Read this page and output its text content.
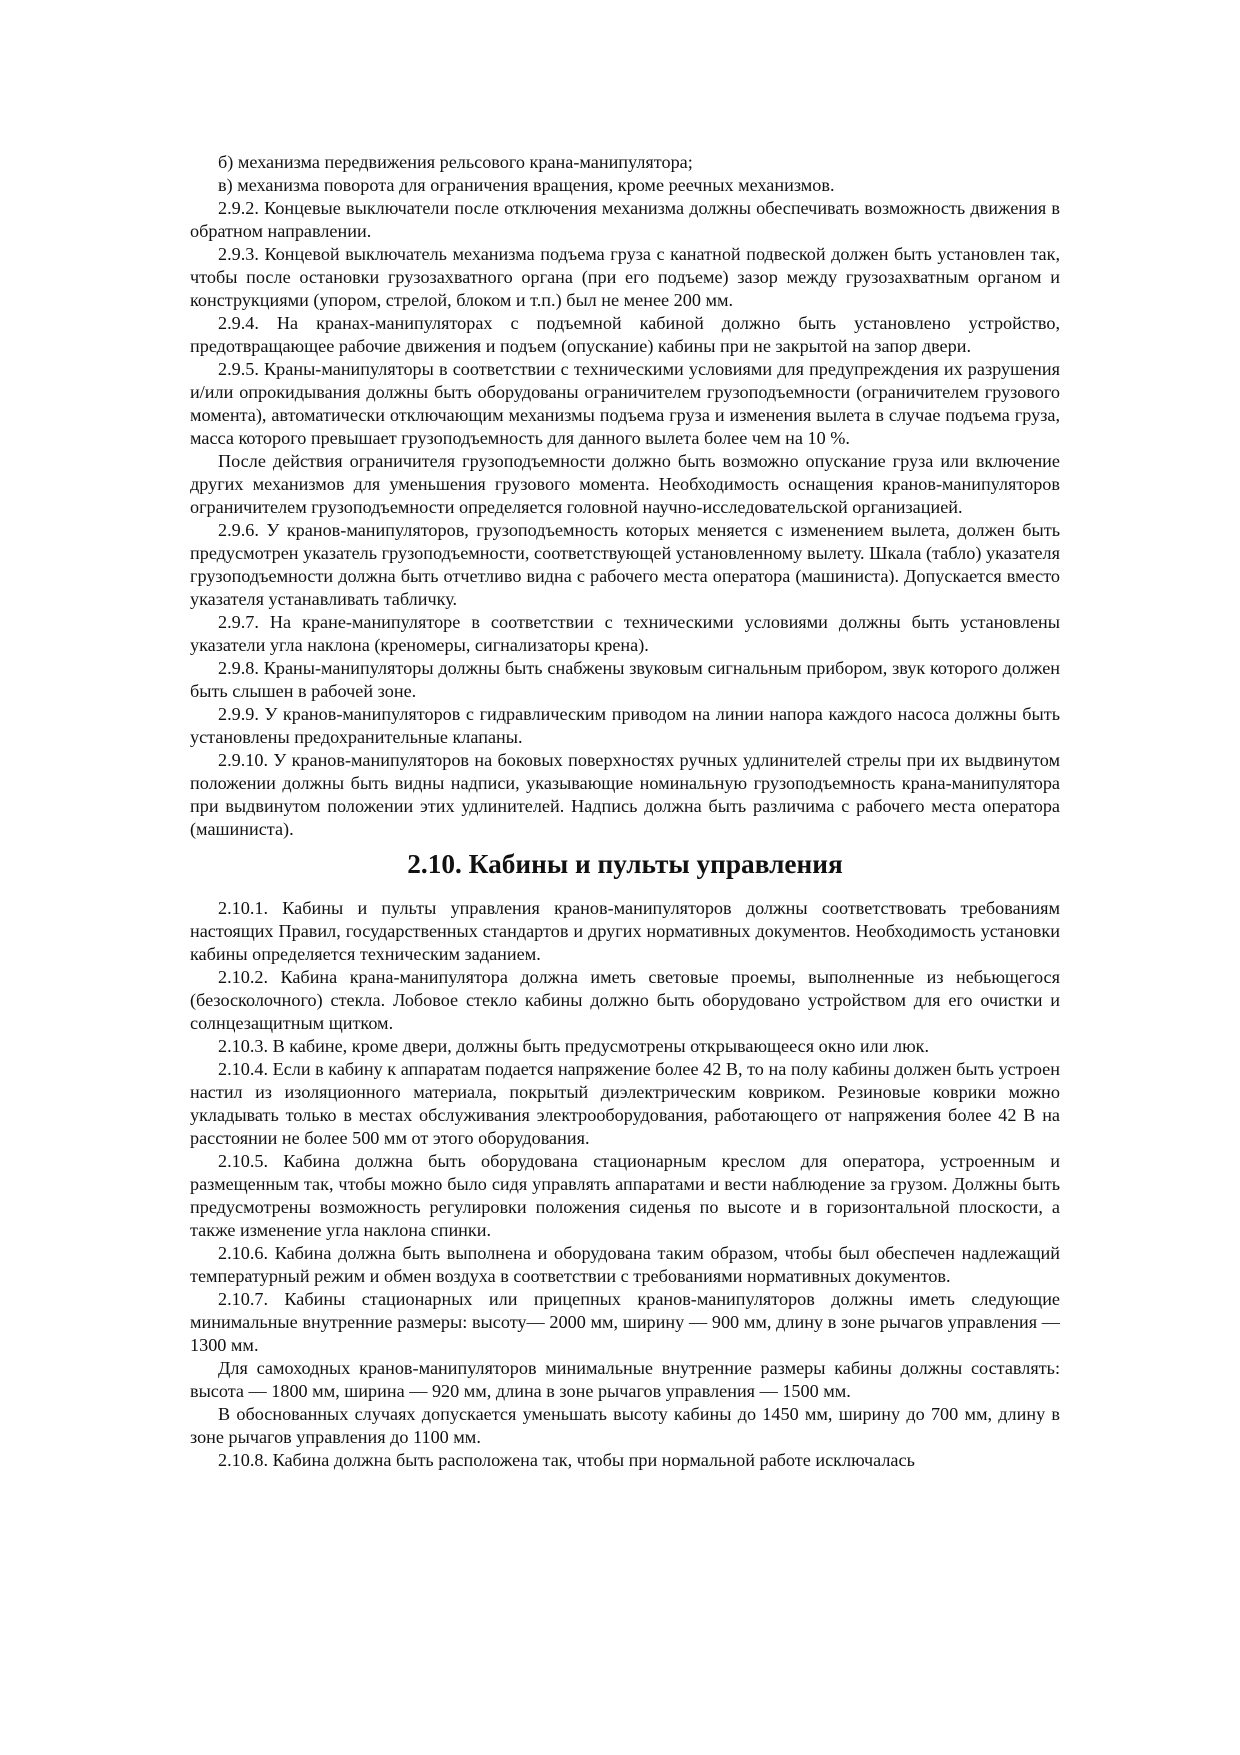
б) механизма передвижения рельсового крана-манипулятора;

в) механизма поворота для ограничения вращения, кроме реечных механизмов.

2.9.2. Концевые выключатели после отключения механизма должны обеспечивать возможность движения в обратном направлении.

2.9.3. Концевой выключатель механизма подъема груза с канатной подвеской должен быть установлен так, чтобы после остановки грузозахватного органа (при его подъеме) зазор между грузозахватным органом и конструкциями (упором, стрелой, блоком и т.п.) был не менее 200 мм.

2.9.4. На кранах-манипуляторах с подъемной кабиной должно быть установлено устройство, предотвращающее рабочие движения и подъем (опускание) кабины при не закрытой на запор двери.

2.9.5. Краны-манипуляторы в соответствии с техническими условиями для предупреждения их разрушения и/или опрокидывания должны быть оборудованы ограничителем грузоподъемности (ограничителем грузового момента), автоматически отключающим механизмы подъема груза и изменения вылета в случае подъема груза, масса которого превышает грузоподъемность для данного вылета более чем на 10 %.

После действия ограничителя грузоподъемности должно быть возможно опускание груза или включение других механизмов для уменьшения грузового момента. Необходимость оснащения кранов-манипуляторов ограничителем грузоподъемности определяется головной научно-исследовательской организацией.

2.9.6. У кранов-манипуляторов, грузоподъемность которых меняется с изменением вылета, должен быть предусмотрен указатель грузоподъемности, соответствующей установленному вылету. Шкала (табло) указателя грузоподъемности должна быть отчетливо видна с рабочего места оператора (машиниста). Допускается вместо указателя устанавливать табличку.

2.9.7. На кране-манипуляторе в соответствии с техническими условиями должны быть установлены указатели угла наклона (креномеры, сигнализаторы крена).

2.9.8. Краны-манипуляторы должны быть снабжены звуковым сигнальным прибором, звук которого должен быть слышен в рабочей зоне.

2.9.9. У кранов-манипуляторов с гидравлическим приводом на линии напора каждого насоса должны быть установлены предохранительные клапаны.

2.9.10. У кранов-манипуляторов на боковых поверхностях ручных удлинителей стрелы при их выдвинутом положении должны быть видны надписи, указывающие номинальную грузоподъемность крана-манипулятора при выдвинутом положении этих удлинителей. Надпись должна быть различима с рабочего места оператора (машиниста).

2.10. Кабины и пульты управления

2.10.1. Кабины и пульты управления кранов-манипуляторов должны соответствовать требованиям настоящих Правил, государственных стандартов и других нормативных документов. Необходимость установки кабины определяется техническим заданием.

2.10.2. Кабина крана-манипулятора должна иметь световые проемы, выполненные из небьющегося (безосколочного) стекла. Лобовое стекло кабины должно быть оборудовано устройством для его очистки и солнцезащитным щитком.

2.10.3. В кабине, кроме двери, должны быть предусмотрены открывающееся окно или люк.

2.10.4. Если в кабину к аппаратам подается напряжение более 42 В, то на полу кабины должен быть устроен настил из изоляционного материала, покрытый диэлектрическим ковриком. Резиновые коврики можно укладывать только в местах обслуживания электрооборудования, работающего от напряжения более 42 В на расстоянии не более 500 мм от этого оборудования.

2.10.5. Кабина должна быть оборудована стационарным креслом для оператора, устроенным и размещенным так, чтобы можно было сидя управлять аппаратами и вести наблюдение за грузом. Должны быть предусмотрены возможность регулировки положения сиденья по высоте и в горизонтальной плоскости, а также изменение угла наклона спинки.

2.10.6. Кабина должна быть выполнена и оборудована таким образом, чтобы был обеспечен надлежащий температурный режим и обмен воздуха в соответствии с требованиями нормативных документов.

2.10.7. Кабины стационарных или прицепных кранов-манипуляторов должны иметь следующие минимальные внутренние размеры: высоту— 2000 мм, ширину — 900 мм, длину в зоне рычагов управления — 1300 мм.

Для самоходных кранов-манипуляторов минимальные внутренние размеры кабины должны составлять: высота — 1800 мм, ширина — 920 мм, длина в зоне рычагов управления — 1500 мм.

В обоснованных случаях допускается уменьшать высоту кабины до 1450 мм, ширину до 700 мм, длину в зоне рычагов управления до 1100 мм.

2.10.8. Кабина должна быть расположена так, чтобы при нормальной работе исключалась
